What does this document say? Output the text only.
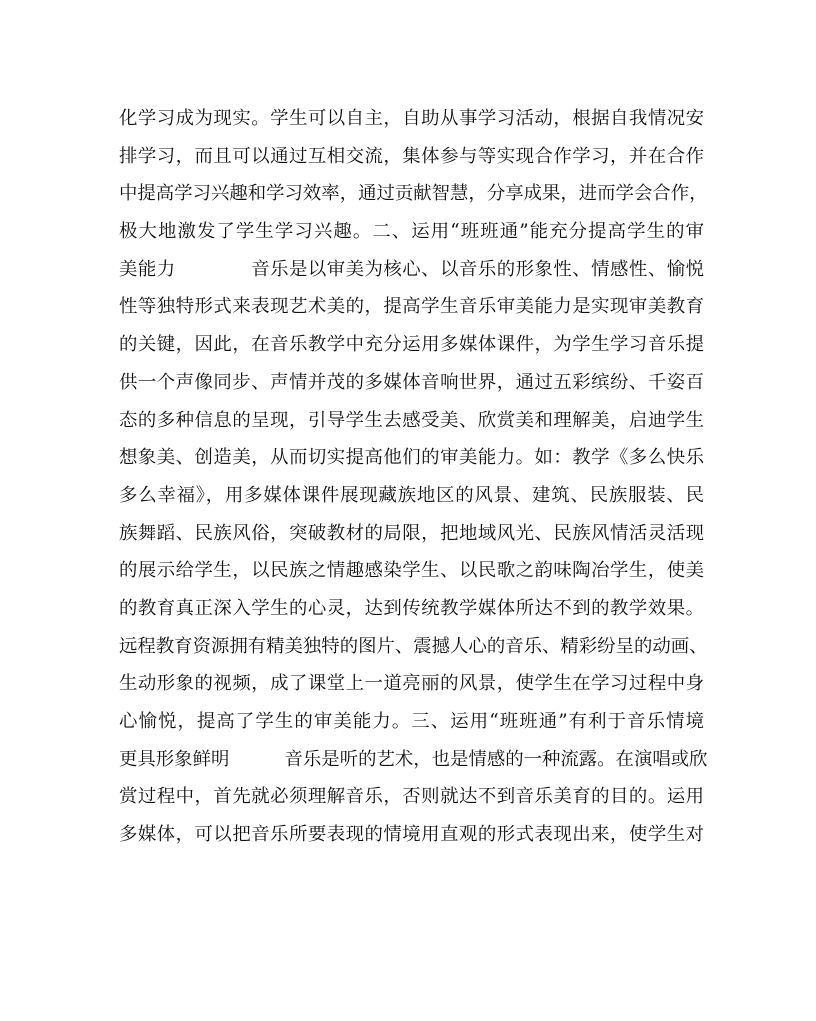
化学习成为现实。学生可以自主，自助从事学习活动，根据自我情况安
排学习，而且可以通过互相交流，集体参与等实现合作学习，并在合作
中提高学习兴趣和学习效率，通过贡献智慧，分享成果，进而学会合作，
极大地激发了学生学习兴趣。二、运用“班班通”能充分提高学生的审
美能力　　　　音乐是以审美为核心、以音乐的形象性、情感性、愉悦
性等独特形式来表现艺术美的，提高学生音乐审美能力是实现审美教育
的关键，因此，在音乐教学中充分运用多媒体课件，为学生学习音乐提
供一个声像同步、声情并茂的多媒体音响世界，通过五彩缤纷、千姿百
态的多种信息的呈现，引导学生去感受美、欣赏美和理解美，启迪学生
想象美、创造美，从而切实提高他们的审美能力。如：教学《多么快乐
多么幸福》，用多媒体课件展现藏族地区的风景、建筑、民族服装、民
族舞蹈、民族风俗，突破教材的局限，把地域风光、民族风情活灵活现
的展示给学生，以民族之情趣感染学生、以民歌之韵味陶冶学生，使美
的教育真正深入学生的心灵，达到传统教学媒体所达不到的教学效果。
远程教育资源拥有精美独特的图片、震撼人心的音乐、精彩纷呈的动画、
生动形象的视频，成了课堂上一道亮丽的风景，使学生在学习过程中身
心愉悦，提高了学生的审美能力。三、运用“班班通”有利于音乐情境
更具形象鲜明　　　音乐是听的艺术，也是情感的一种流露。在演唱或欣
赏过程中，首先就必须理解音乐，否则就达不到音乐美育的目的。运用
多媒体，可以把音乐所要表现的情境用直观的形式表现出来，使学生对
